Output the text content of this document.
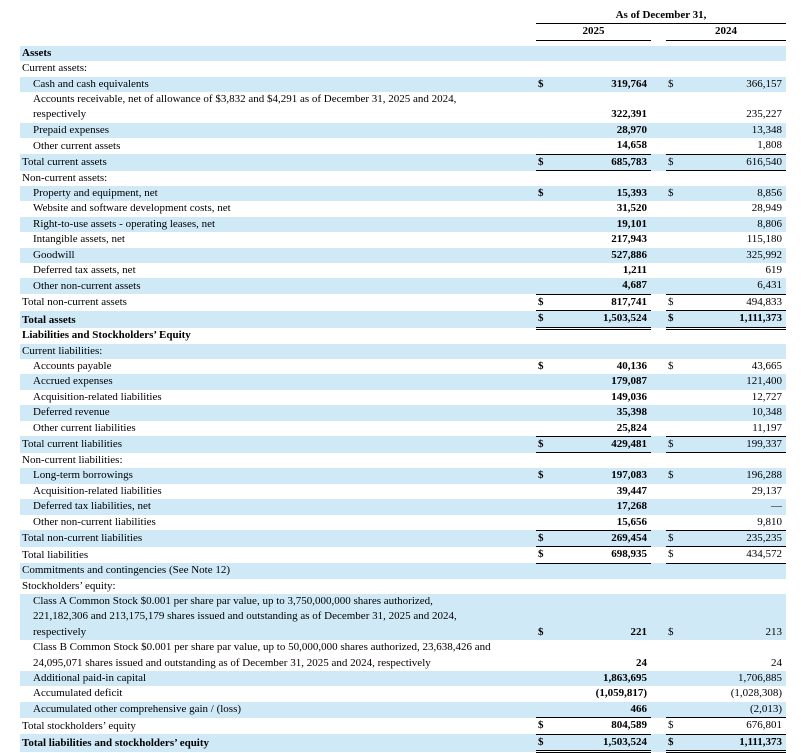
	As of December 31,		
	2025		2024

Assets			
Current assets:			
Cash and cash equivalents	$ 319,764		$ 366,157

Accounts receivable, net of allowance of $3,832 and $4,291 as of December 31, 2025 and 2024,
respectively	322,391		235,227

Prepaid expenses	28,970		13,348

Other current assets	14,658		1,808

Total current assets	$ 685,783		$ 616,540

Non-current assets:			
Property and equipment, net	$ 15,393		$ 8,856

Website and software development costs, net	31,520		28,949

Right-to-use assets - operating leases, net	19,101		8,806

Intangible assets, net	217,943		115,180

Goodwill	527,886		325,992

Deferred tax assets, net	1,211		619

Other non-current assets	4,687		6,431

Total non-current assets	$ 817,741		$ 494,833

Total assets	$ 1,503,524		$ 1,111,373

Liabilities and Stockholders’ Equity			
Current liabilities:			
Accounts payable	$ 40,136		$ 43,665

Accrued expenses	179,087		121,400

Acquisition-related liabilities	149,036		12,727

Deferred revenue	35,398		10,348

Other current liabilities	25,824		11,197

Total current liabilities	$ 429,481		$ 199,337

Non-current liabilities:			
Long-term borrowings	$ 197,083		$ 196,288

Acquisition-related liabilities	39,447		29,137

Deferred tax liabilities, net	17,268		—

Other non-current liabilities	15,656		9,810

Total non-current liabilities	$ 269,454		$ 235,235

Total liabilities	$ 698,935		$ 434,572

Commitments and contingencies (See Note 12)			
Stockholders’ equity:			

Class A Common Stock $0.001 per share par value, up to 3,750,000,000 shares authorized,
221,182,306 and 213,175,179 shares issued and outstanding as of December 31, 2025 and 2024,
respectively	$	221		$	213

Class B Common Stock $0.001 per share par value, up to 50,000,000 shares authorized, 23,638,426 and
24,095,071 shares issued and outstanding as of December 31, 2025 and 2024, respectively	24		24

Additional paid-in capital	1,863,695		1,706,885

Accumulated deficit	(1,059,817)		(1,028,308)

Accumulated other comprehensive gain / (loss)	466		(2,013)

Total stockholders’ equity	$ 804,589		$ 676,801

Total liabilities and stockholders’ equity	$ 1,503,524		$ 1,111,373
